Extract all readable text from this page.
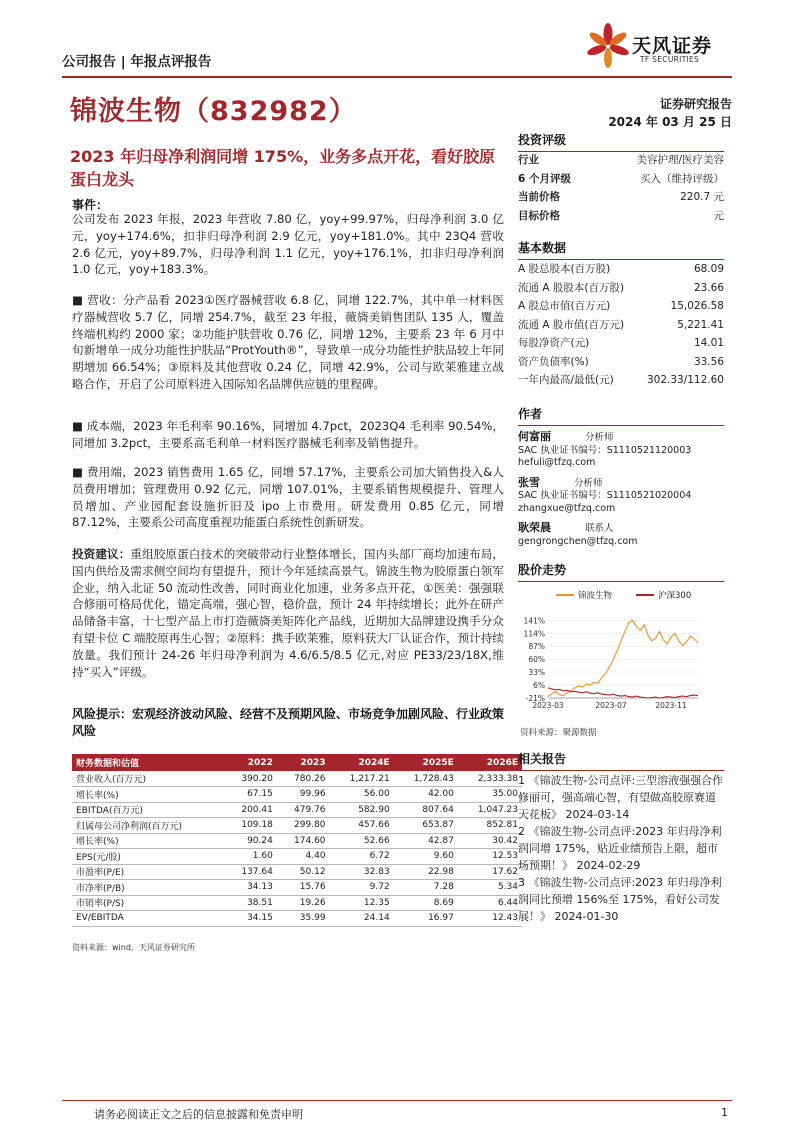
公司报告 | 年报点评报告
天风证券
TF SECURITIES
锦波生物（832982）	证券研究报告
2024 年 03 月 25 日
2023 年归母净利润同增 175%，业务多点开花，看好胶原蛋白龙头
事件：
公司发布 2023 年报，2023 年营收 7.80 亿，yoy+99.97%，归母净利润 3.0 亿元，yoy+174.6%，扣非归母净利润 2.9 亿元，yoy+181.0%。其中 23Q4 营收 2.6 亿元，yoy+89.7%，归母净利润 1.1 亿元，yoy+176.1%，扣非归母净利润 1.0 亿元，yoy+183.3%。
■ 营收：分产品看 2023①医疗器械营收 6.8 亿，同增 122.7%，其中单一材料医疗器械营收 5.7 亿，同增 254.7%，截至 23 年报，薇旖美销售团队 135 人，覆盖终端机构约 2000 家；②功能护肤营收 0.76 亿，同增 12%，主要系 23 年 6 月中旬新增单一成分功能性护肤品“ProtYouth®”，导致单一成分功能性护肤品较上年同期增加 66.54%；③原料及其他营收 0.24 亿，同增 42.9%，公司与欧莱雅建立战略合作，开启了公司原料进入国际知名品牌供应链的里程碑。
■ 成本端，2023 年毛利率 90.16%，同增加 4.7pct，2023Q4 毛利率 90.54%，同增加 3.2pct，主要系高毛利单一材料医疗器械毛利率及销售提升。
■ 费用端，2023 销售费用 1.65 亿，同增 57.17%，主要系公司加大销售投入&人员费用增加；管理费用 0.92 亿元，同增 107.01%，主要系销售规模提升、管理人员增加、产业园配套设施折旧及 ipo 上市费用。研发费用 0.85 亿元，同增 87.12%，主要系公司高度重视功能蛋白系统性创新研发。
投资建议：重组胶原蛋白技术的突破带动行业整体增长，国内头部厂商均加速布局，国内供给及需求侧空间均有望提升，预计今年延续高景气。锦波生物为胶原蛋白领军企业，纳入北证 50 流动性改善，同时商业化加速，业务多点开花，①医美：强强联合修丽可格局优化，锚定高端，强心智，稳价盘，预计 24 年持续增长；此外在研产品储备丰富，十七型产品上市打造薇旖美矩阵化产品线，近期加大品牌建设携手分众有望卡位 C 端胶原再生心智；②原料：携手欧莱雅，原料获大厂认证合作，预计持续放量。我们预计 24-26 年归母净利润为 4.6/6.5/8.5 亿元,对应 PE33/23/18X,维持“买入”评级。
风险提示：宏观经济波动风险、经营不及预期风险、市场竞争加剧风险、行业政策风险
财务数据和估值	2022	2023	2024E	2025E	2026E
营业收入(百万元)	390.20	780.26	1,217.21	1,728.43	2,333.38
增长率(%)	67.15	99.96	56.00	42.00	35.00
EBITDA(百万元)	200.41	479.76	582.90	807.64	1,047.23
归属母公司净利润(百万元)	109.18	299.80	457.66	653.87	852.81
增长率(%)	90.24	174.60	52.66	42.87	30.42
EPS(元/股)	1.60	4.40	6.72	9.60	12.53
市盈率(P/E)	137.64	50.12	32.83	22.98	17.62
市净率(P/B)	34.13	15.76	9.72	7.28	5.34
市销率(P/S)	38.51	19.26	12.35	8.69	6.44
EV/EBITDA	34.15	35.99	24.14	16.97	12.43
资料来源：wind，天风证券研究所
投资评级
行业	美容护理/医疗美容
6 个月评级	买入（维持评级）
当前价格	220.7 元
目标价格	元
基本数据
A 股总股本(百万股)	68.09
流通 A 股股本(百万股)	23.66
A 股总市值(百万元)	15,026.58
流通 A 股市值(百万元)	5,221.41
每股净资产(元)	14.01
资产负债率(%)	33.56
一年内最高/最低(元)	302.33/112.60
作者
何富丽	分析师
SAC 执业证书编号：S1110521120003
hefuli@tfzq.com
张雪	分析师
SAC 执业证书编号：S1110521020004
zhangxue@tfzq.com
耿荣晨	联系人
gengrongchen@tfzq.com
股价走势
锦波生物	沪深300
141%
114%
87%
60%
33%
6%
-21%
2023-03	2023-07	2023-11
资料来源：聚源数据
相关报告
1 《锦波生物-公司点评:三型溶液强强合作修丽可，强高端心智，有望做高胶原赛道天花板》 2024-03-14
2 《锦波生物-公司点评:2023 年归母净利润同增 175%，贴近业绩预告上限，超市场预期！》 2024-02-29
3 《锦波生物-公司点评:2023 年归母净利润同比预增 156%至 175%，看好公司发展！》 2024-01-30
请务必阅读正文之后的信息披露和免责申明	1
